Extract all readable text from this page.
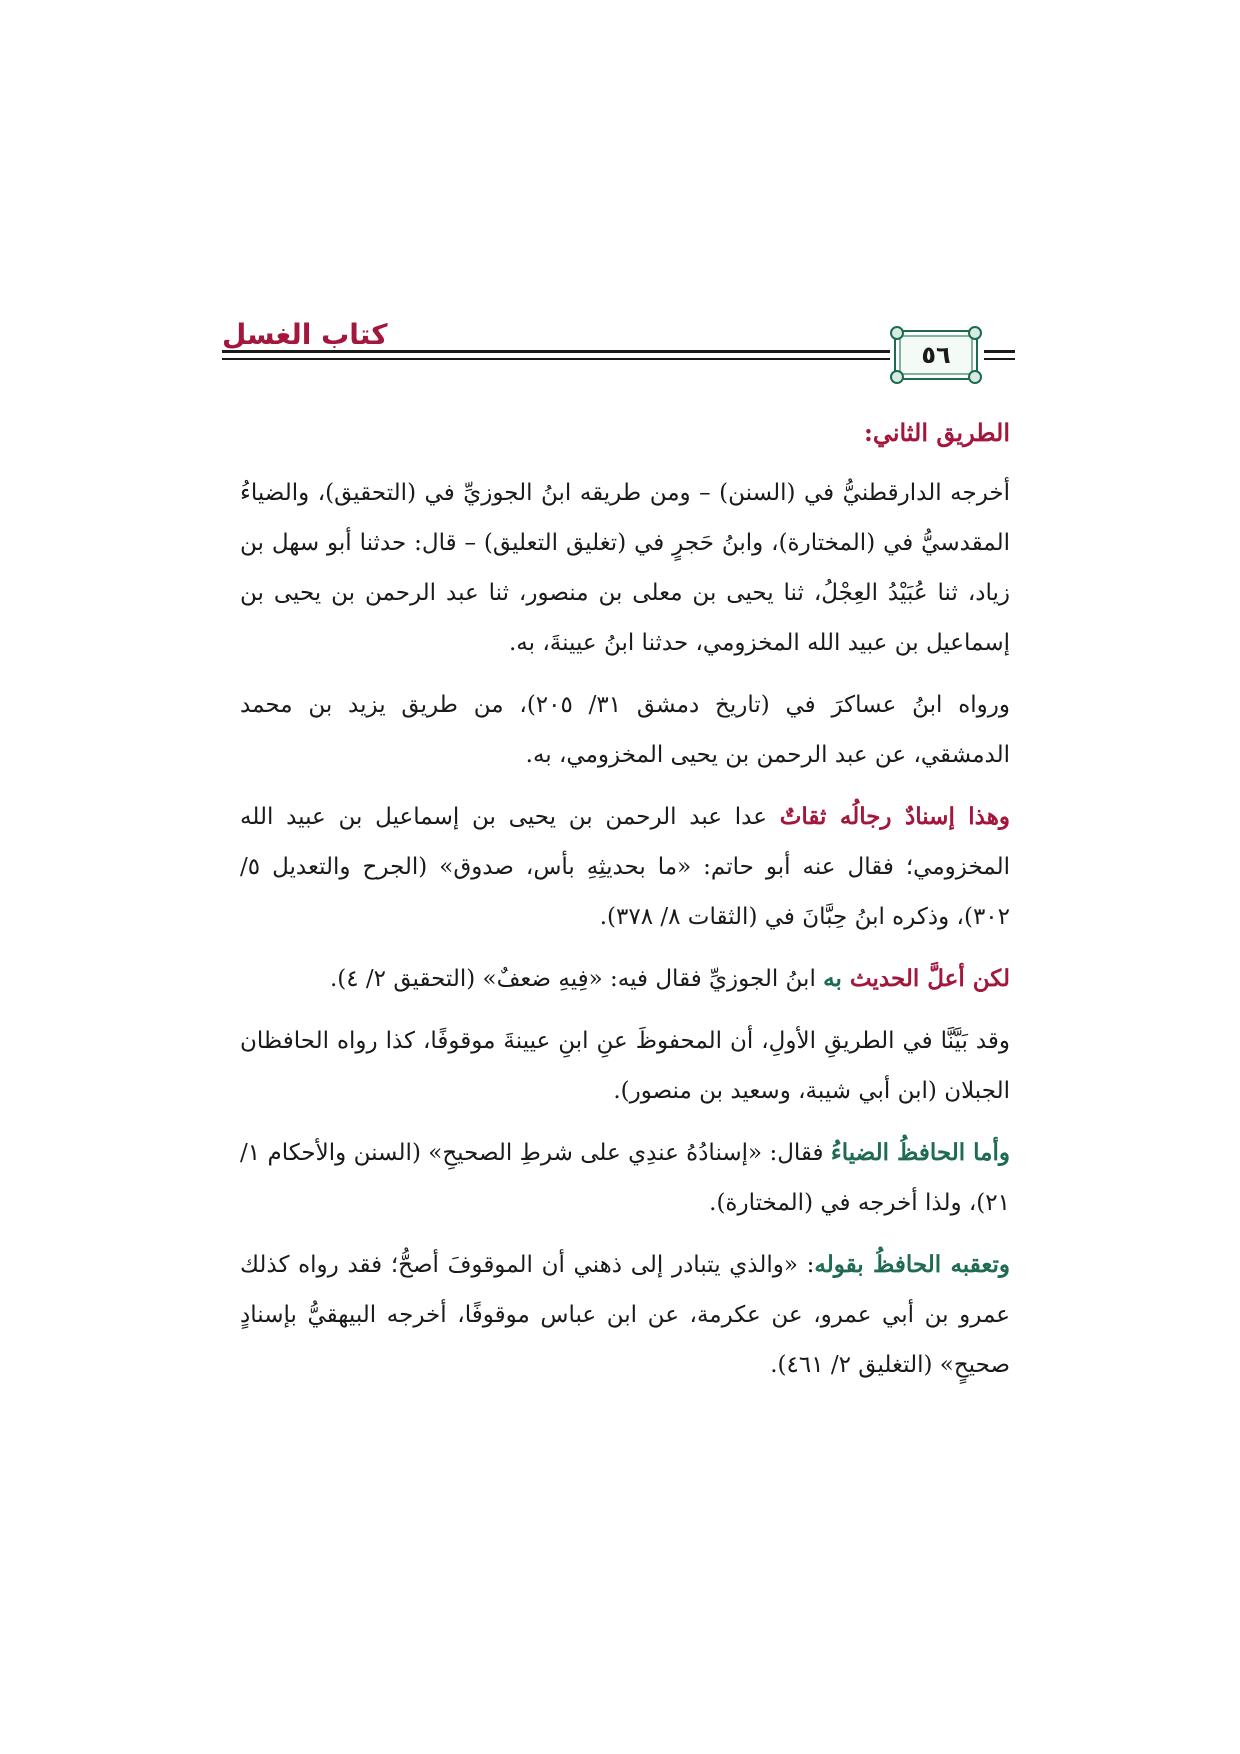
كتاب الغسل
٥٦
الطريق الثاني:

أخرجه الدارقطنيُّ في (السنن) – ومن طريقه ابنُ الجوزيِّ في (التحقيق)، والضياءُ المقدسيُّ في (المختارة)، وابنُ حَجرٍ في (تغليق التعليق) – قال: حدثنا أبو سهل بن زياد، ثنا عُبَيْدُ العِجْلُ، ثنا يحيى بن معلى بن منصور، ثنا عبد الرحمن بن يحيى بن إسماعيل بن عبيد الله المخزومي، حدثنا ابنُ عيينةَ، به.

ورواه ابنُ عساكرَ في (تاريخ دمشق ٣١/ ٢٠٥)، من طريق يزيد بن محمد الدمشقي، عن عبد الرحمن بن يحيى المخزومي، به.

وهذا إسنادٌ رجالُه ثقاتٌ عدا عبد الرحمن بن يحيى بن إسماعيل بن عبيد الله المخزومي؛ فقال عنه أبو حاتم: «ما بحديثِهِ بأس، صدوق» (الجرح والتعديل ٥/ ٣٠٢)، وذكره ابنُ حِبَّانَ في (الثقات ٨/ ٣٧٨).

لكن أعلَّ الحديث به ابنُ الجوزيِّ فقال فيه: «فِيهِ ضعفٌ» (التحقيق ٢/ ٤).

وقد بَيَّنَّا في الطريقِ الأولِ، أن المحفوظَ عنِ ابنِ عيينةَ موقوفًا، كذا رواه الحافظان الجبلان (ابن أبي شيبة، وسعيد بن منصور).

وأما الحافظُ الضياءُ فقال: «إسنادُهُ عندِي على شرطِ الصحيحِ» (السنن والأحكام ١/ ٢١)، ولذا أخرجه في (المختارة).

وتعقبه الحافظُ بقوله: «والذي يتبادر إلى ذهني أن الموقوفَ أصحُّ؛ فقد رواه كذلك عمرو بن أبي عمرو، عن عكرمة، عن ابن عباس موقوفًا، أخرجه البيهقيُّ بإسنادٍ صحيحٍ» (التغليق ٢/ ٤٦١).
